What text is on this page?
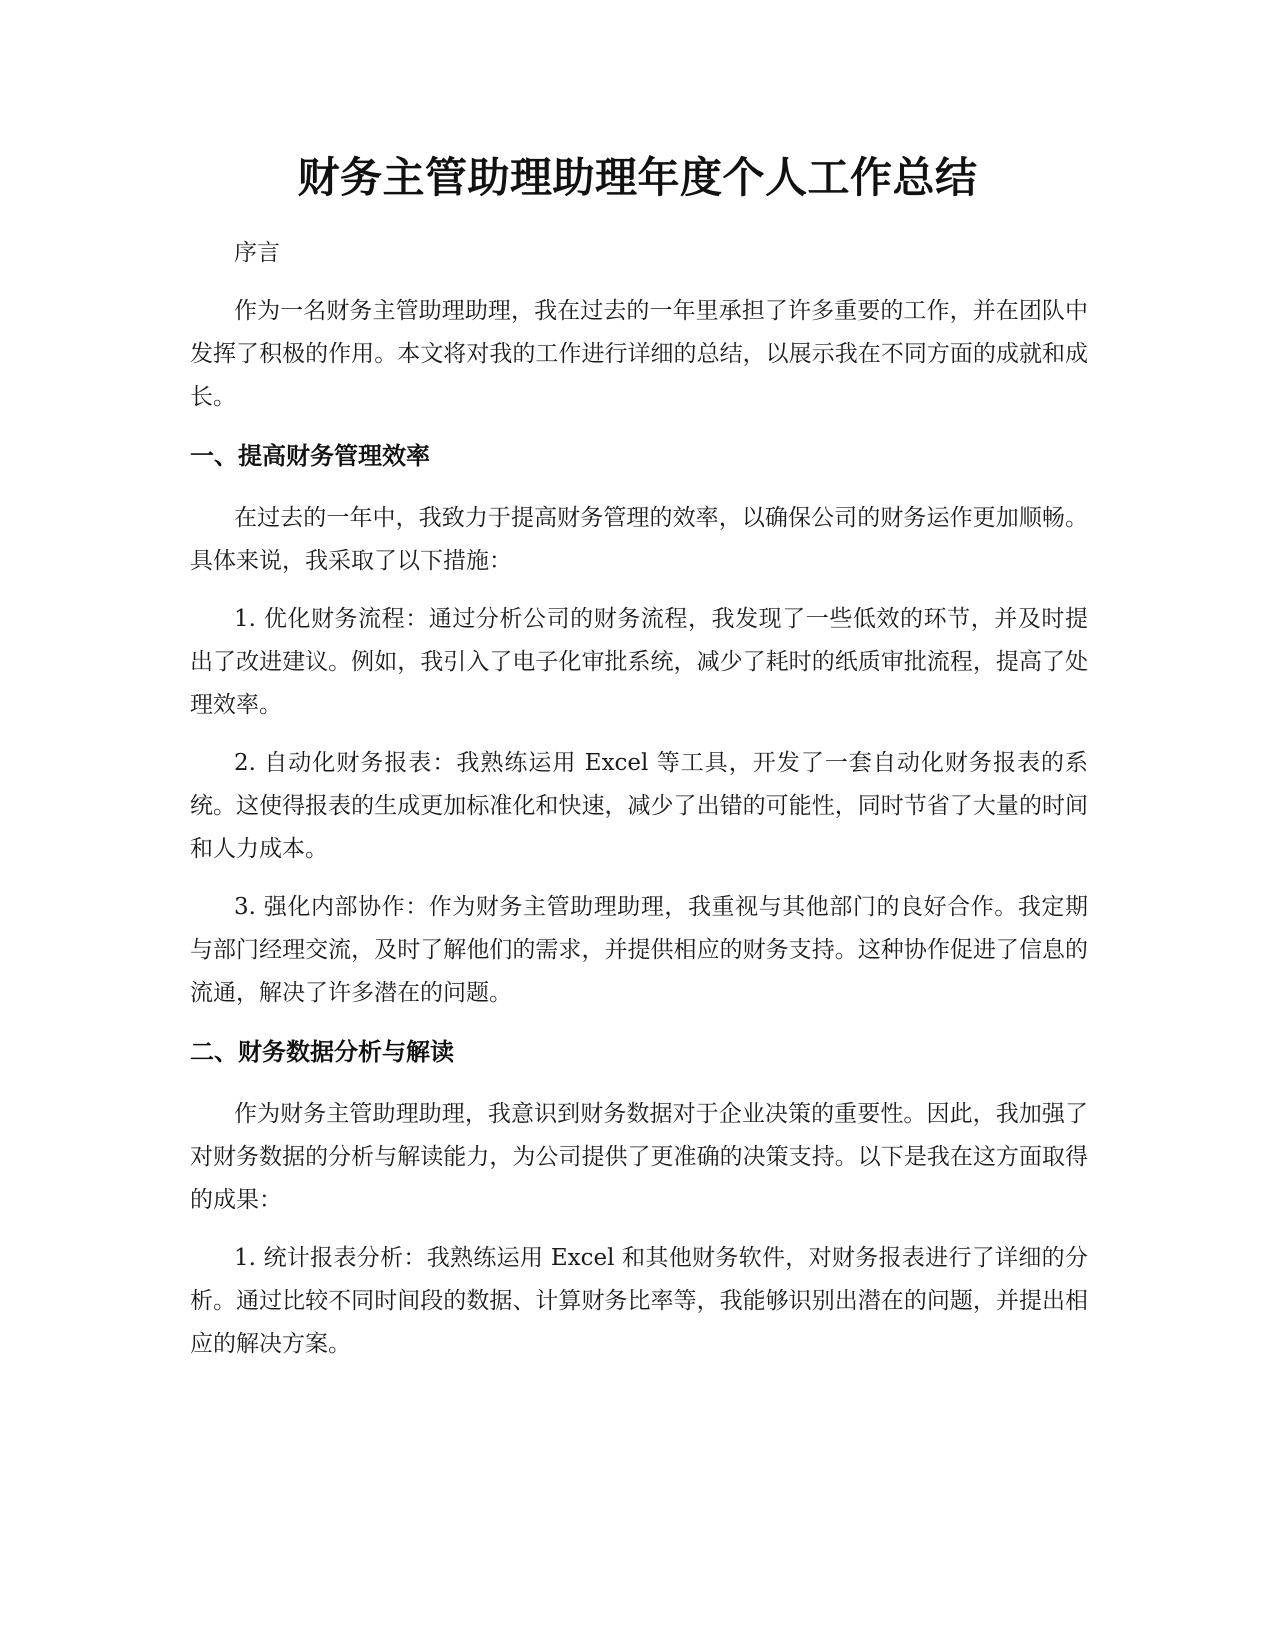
财务主管助理助理年度个人工作总结

序言

作为一名财务主管助理助理，我在过去的一年里承担了许多重要的工作，并在团队中发挥了积极的作用。本文将对我的工作进行详细的总结，以展示我在不同方面的成就和成长。

一、提高财务管理效率

在过去的一年中，我致力于提高财务管理的效率，以确保公司的财务运作更加顺畅。具体来说，我采取了以下措施：

1. 优化财务流程：通过分析公司的财务流程，我发现了一些低效的环节，并及时提出了改进建议。例如，我引入了电子化审批系统，减少了耗时的纸质审批流程，提高了处理效率。

2. 自动化财务报表：我熟练运用 Excel 等工具，开发了一套自动化财务报表的系统。这使得报表的生成更加标准化和快速，减少了出错的可能性，同时节省了大量的时间和人力成本。

3. 强化内部协作：作为财务主管助理助理，我重视与其他部门的良好合作。我定期与部门经理交流，及时了解他们的需求，并提供相应的财务支持。这种协作促进了信息的流通，解决了许多潜在的问题。

二、财务数据分析与解读

作为财务主管助理助理，我意识到财务数据对于企业决策的重要性。因此，我加强了对财务数据的分析与解读能力，为公司提供了更准确的决策支持。以下是我在这方面取得的成果：

1. 统计报表分析：我熟练运用 Excel 和其他财务软件，对财务报表进行了详细的分析。通过比较不同时间段的数据、计算财务比率等，我能够识别出潜在的问题，并提出相应的解决方案。
